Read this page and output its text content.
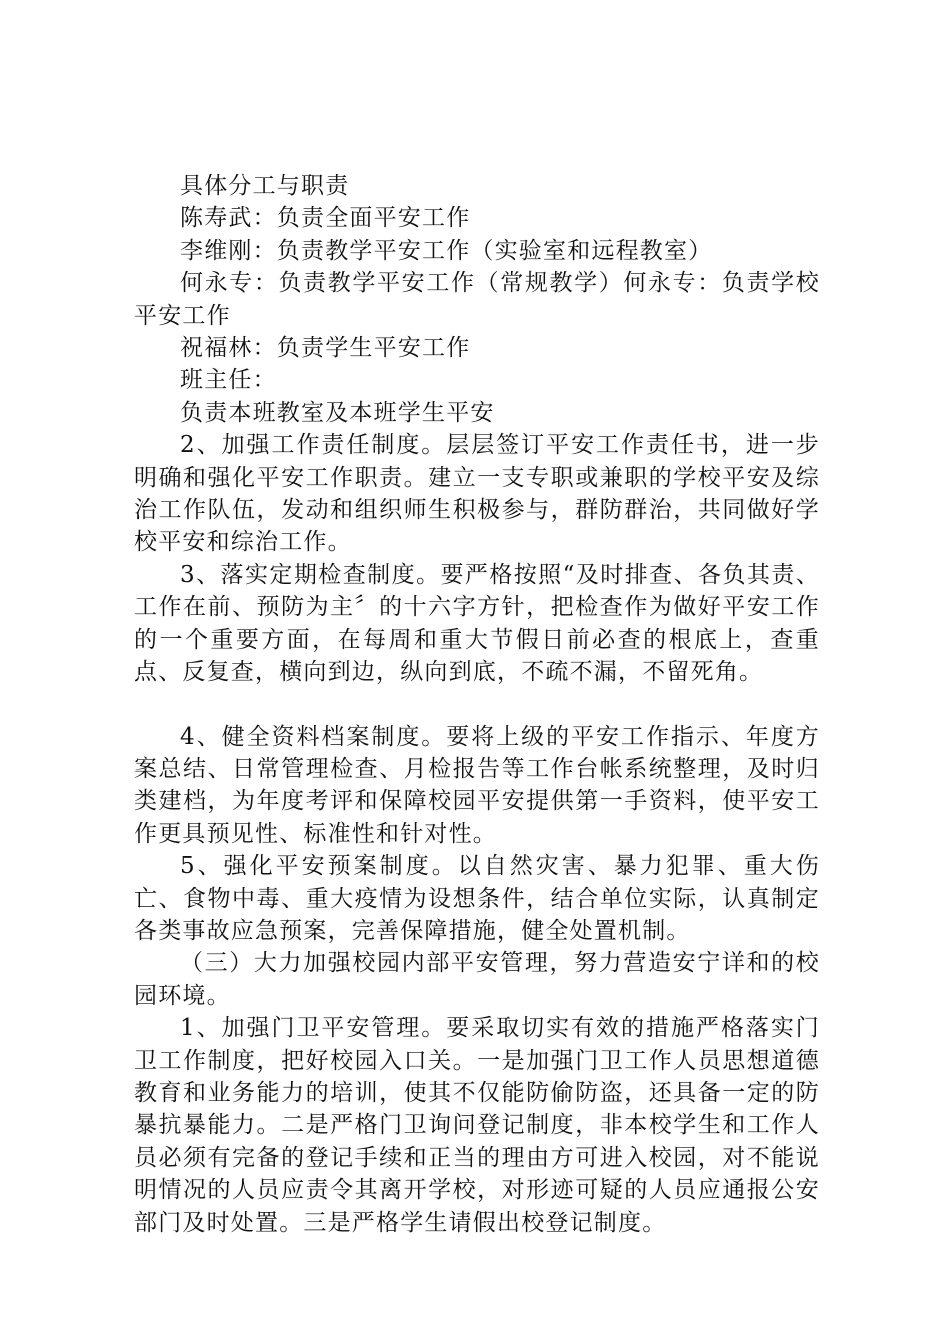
具体分工与职责

陈寿武：负责全面平安工作

李维刚：负责教学平安工作（实验室和远程教室）

何永专：负责教学平安工作（常规教学）何永专：负责学校平安工作

祝福林：负责学生平安工作

班主任：

负责本班教室及本班学生平安

2、加强工作责任制度。层层签订平安工作责任书，进一步明确和强化平安工作职责。建立一支专职或兼职的学校平安及综治工作队伍，发动和组织师生积极参与，群防群治，共同做好学校平安和综治工作。

3、落实定期检查制度。要严格按照“及时排查、各负其责、工作在前、预防为主〞的十六字方针，把检查作为做好平安工作的一个重要方面，在每周和重大节假日前必查的根底上，查重点、反复查，横向到边，纵向到底，不疏不漏，不留死角。

4、健全资料档案制度。要将上级的平安工作指示、年度方案总结、日常管理检查、月检报告等工作台帐系统整理，及时归类建档，为年度考评和保障校园平安提供第一手资料，使平安工作更具预见性、标准性和针对性。

5、强化平安预案制度。以自然灾害、暴力犯罪、重大伤亡、食物中毒、重大疫情为设想条件，结合单位实际，认真制定各类事故应急预案，完善保障措施，健全处置机制。

（三）大力加强校园内部平安管理，努力营造安宁详和的校园环境。

1、加强门卫平安管理。要采取切实有效的措施严格落实门卫工作制度，把好校园入口关。一是加强门卫工作人员思想道德教育和业务能力的培训，使其不仅能防偷防盗，还具备一定的防暴抗暴能力。二是严格门卫询问登记制度，非本校学生和工作人员必须有完备的登记手续和正当的理由方可进入校园，对不能说明情况的人员应责令其离开学校，对形迹可疑的人员应通报公安部门及时处置。三是严格学生请假出校登记制度。
